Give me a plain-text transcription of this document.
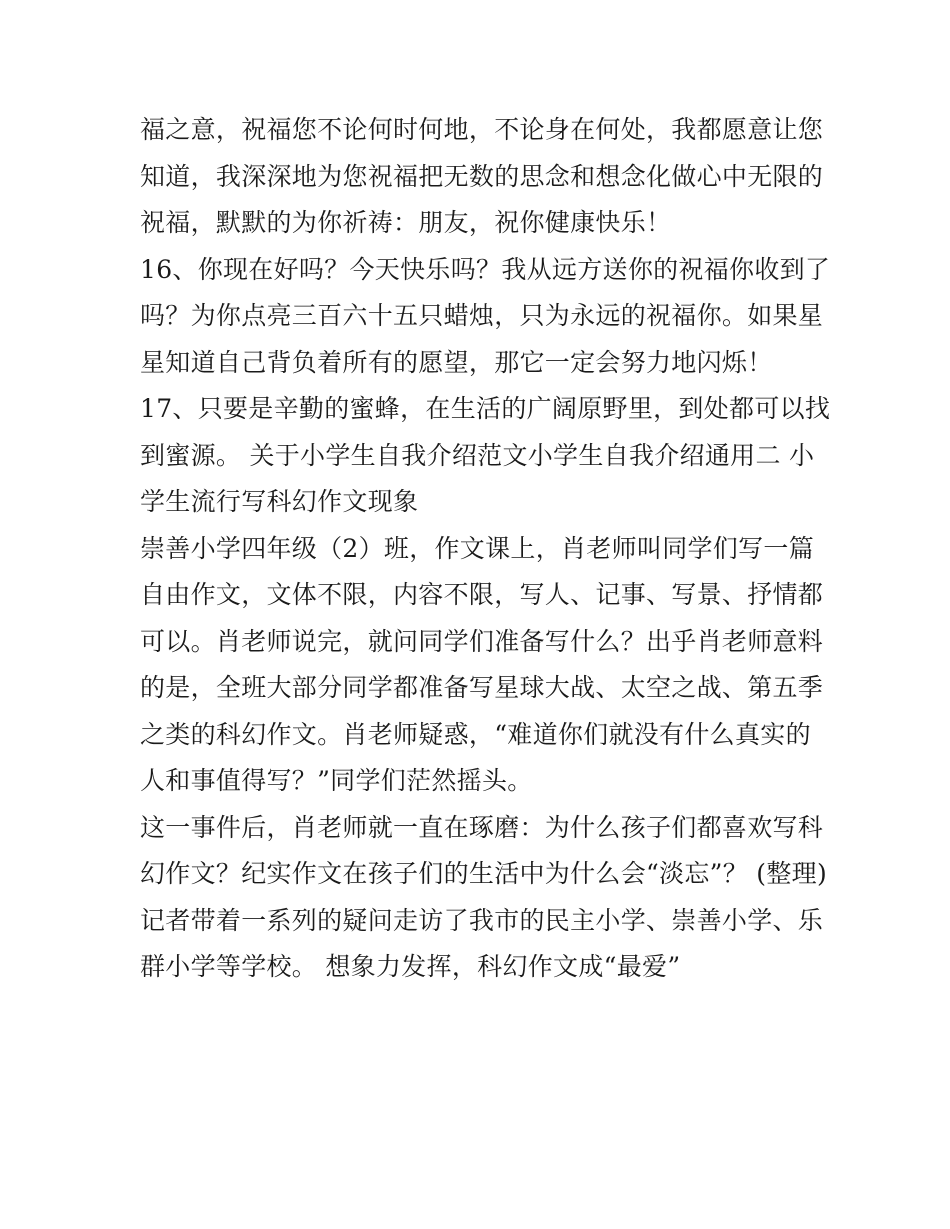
福之意，祝福您不论何时何地，不论身在何处，我都愿意让您
知道，我深深地为您祝福把无数的思念和想念化做心中无限的
祝福，默默的为你祈祷：朋友，祝你健康快乐！
16、你现在好吗？今天快乐吗？我从远方送你的祝福你收到了
吗？为你点亮三百六十五只蜡烛，只为永远的祝福你。如果星
星知道自己背负着所有的愿望，那它一定会努力地闪烁！
17、只要是辛勤的蜜蜂，在生活的广阔原野里，到处都可以找
到蜜源。 关于小学生自我介绍范文小学生自我介绍通用二 小
学生流行写科幻作文现象
崇善小学四年级（2）班，作文课上，肖老师叫同学们写一篇
自由作文，文体不限，内容不限，写人、记事、写景、抒情都
可以。肖老师说完，就问同学们准备写什么？出乎肖老师意料
的是，全班大部分同学都准备写星球大战、太空之战、第五季
之类的科幻作文。肖老师疑惑，“难道你们就没有什么真实的
人和事值得写？”同学们茫然摇头。
这一事件后，肖老师就一直在琢磨：为什么孩子们都喜欢写科
幻作文？纪实作文在孩子们的生活中为什么会“淡忘”？ (整理)
记者带着一系列的疑问走访了我市的民主小学、崇善小学、乐
群小学等学校。 想象力发挥，科幻作文成“最爱”
